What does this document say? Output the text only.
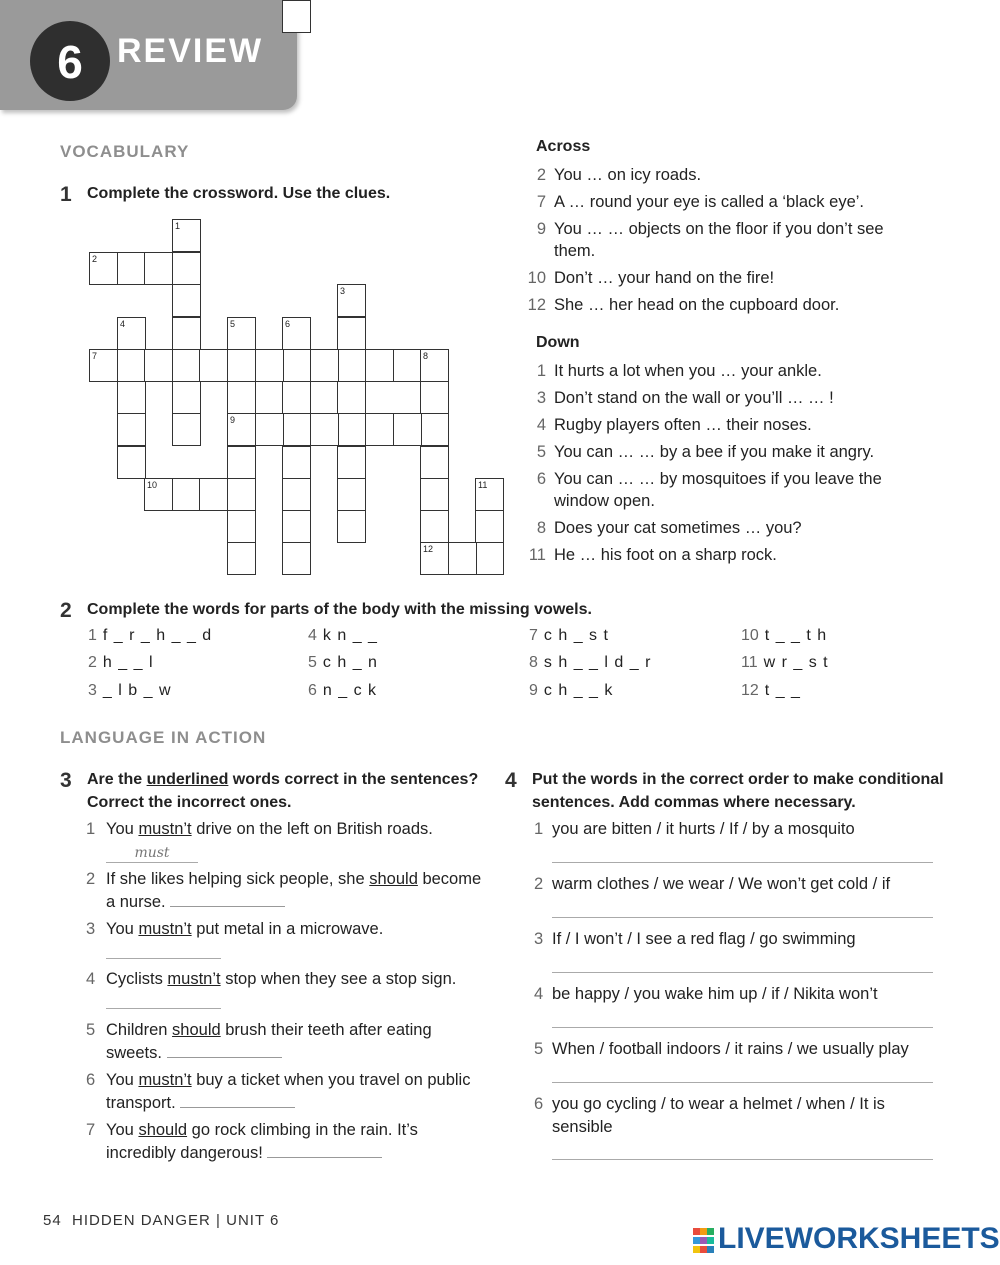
6	REVIEW
VOCABULARY
1 Complete the crossword. Use the clues.
1
2
3
4	5
9
6
7	8
12
10	11
Across
2 You … on icy roads.
7 A … round your eye is called a ‘black eye’.
9 You … … objects on the floor if you don’t see them.
10 Don’t … your hand on the fire!
12 She … her head on the cupboard door.
Down
1 It hurts a lot when you … your ankle.
3 Don’t stand on the wall or you’ll … … !
4 Rugby players often … their noses.
5 You can … … by a bee if you make it angry.
6 You can … … by mosquitoes if you leave the window open.
8 Does your cat sometimes … you?
11 He … his foot on a sharp rock.
2 Complete the words for parts of the body with the missing vowels.
1 f _ r _ h _ _ d
2 h _ _ l
3 _ l b _ w
4 k n _ _
5 c h _ n
6 n _ c k
7 c h _ s t
8 s h _ _ l d _ r
9 c h _ _ k
10 t _ _ t h
11 w r _ s t
12 t _ _
LANGUAGE IN ACTION
3 Are the underlined words correct in the sentences? Correct the incorrect ones.
1 You mustn’t drive on the left on British roads.
must
2 If she likes helping sick people, she should become a nurse.
3 You mustn’t put metal in a microwave.
4 Cyclists mustn’t stop when they see a stop sign.
5 Children should brush their teeth after eating sweets.
6 You mustn’t buy a ticket when you travel on public transport.
7 You should go rock climbing in the rain. It’s incredibly dangerous!
4 Put the words in the correct order to make conditional sentences. Add commas where necessary.
1 you are bitten / it hurts / If / by a mosquito
2 warm clothes / we wear / We won’t get cold / if
3 If / I won’t / I see a red flag / go swimming
4 be happy / you wake him up / if / Nikita won’t
5 When / football indoors / it rains / we usually play
6 you go cycling / to wear a helmet / when / It is sensible
54 HIDDEN DANGER | UNIT 6
LIVEWORKSHEETS
